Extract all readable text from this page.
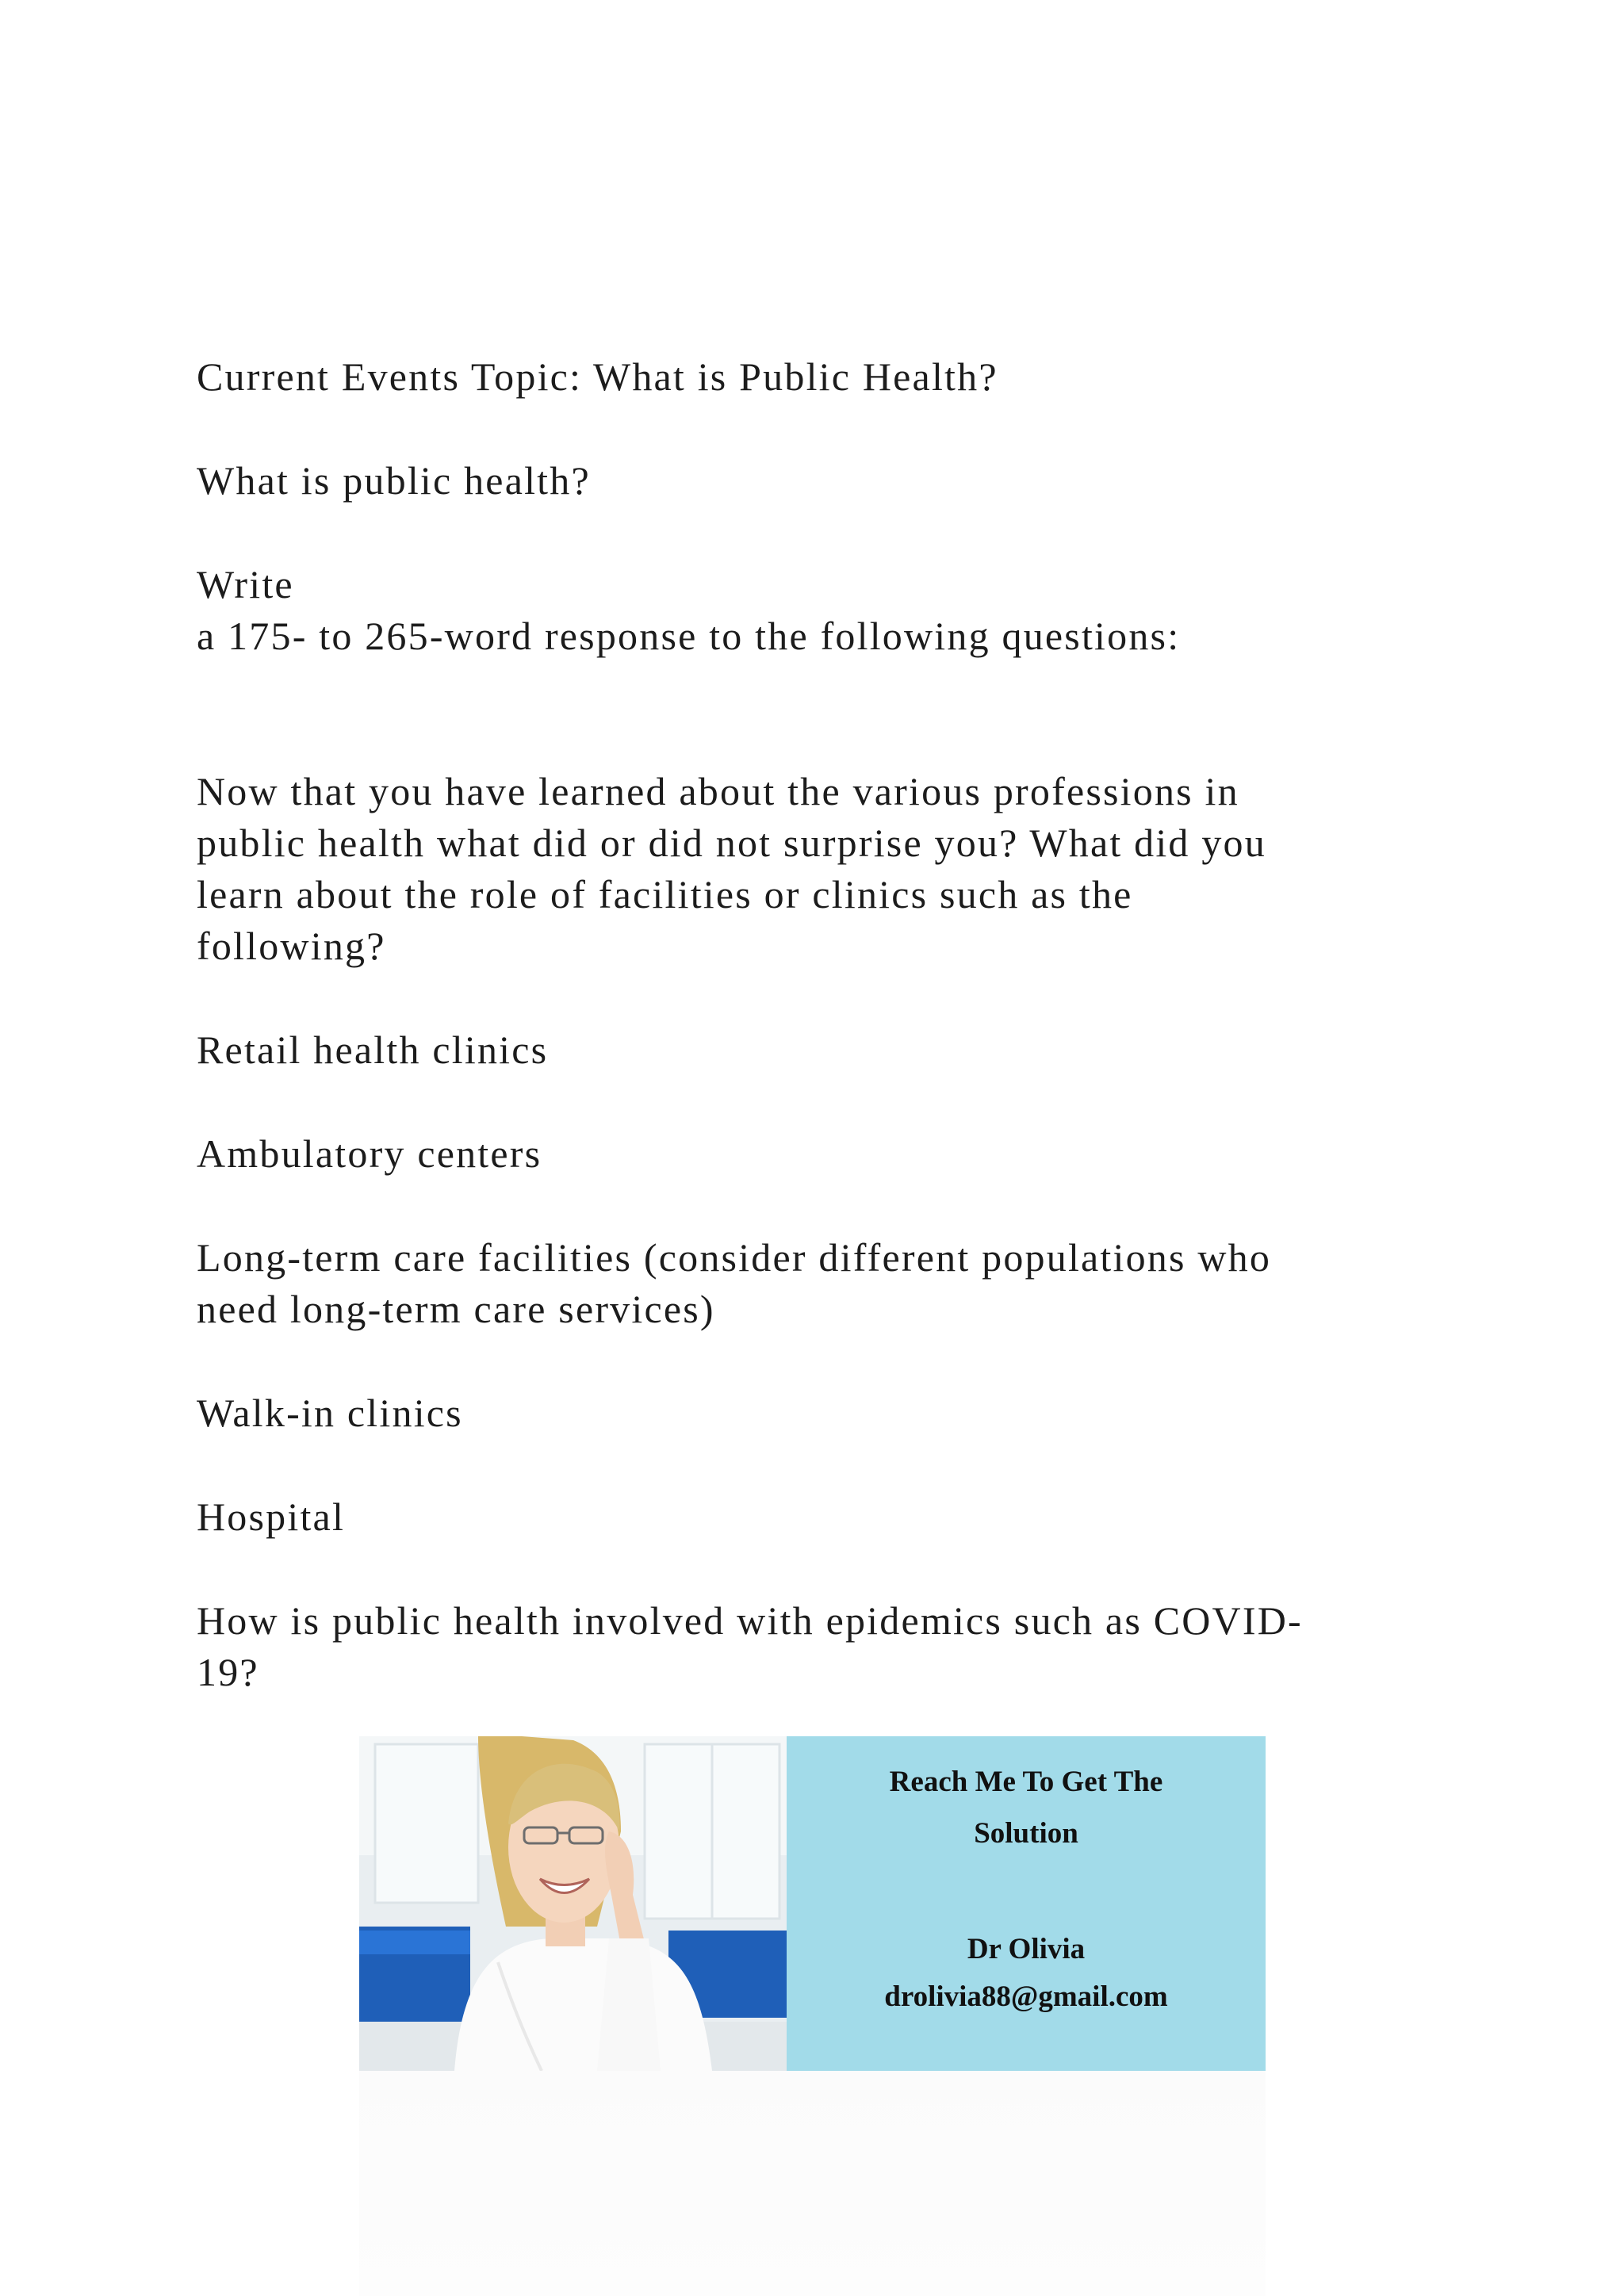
Current Events Topic: What is Public Health?
What is public health?
Write
a 175- to 265-word response to the following questions:
Now that you have learned about the various professions in
public health what did or did not surprise you? What did you
learn about the role of facilities or clinics such as the
following?
Retail health clinics
Ambulatory centers
Long-term care facilities (consider different populations who
need long-term care services)
Walk-in clinics
Hospital
How is public health involved with epidemics such as COVID-
19?
Reach Me To Get The
Solution
Dr Olivia
drolivia88@gmail.com
